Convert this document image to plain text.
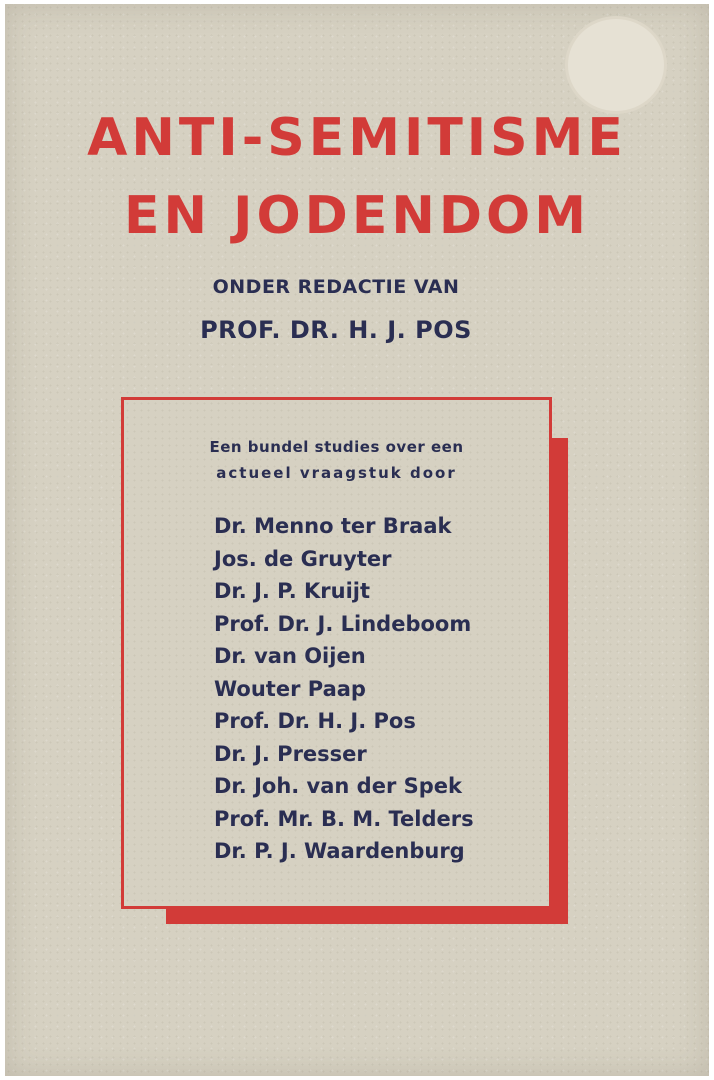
ANTI-SEMITISME
EN JODENDOM
ONDER REDACTIE VAN
PROF. DR. H. J. POS
Een bundel studies over een
actueel vraagstuk door
Dr. Menno ter Braak
Jos. de Gruyter
Dr. J. P. Kruijt
Prof. Dr. J. Lindeboom
Dr. van Oijen
Wouter Paap
Prof. Dr. H. J. Pos
Dr. J. Presser
Dr. Joh. van der Spek
Prof. Mr. B. M. Telders
Dr. P. J. Waardenburg
